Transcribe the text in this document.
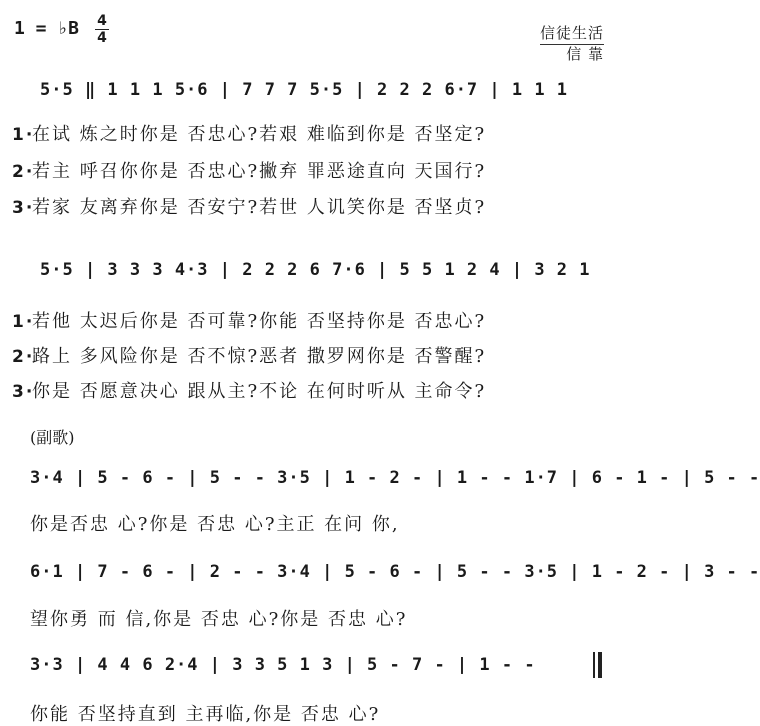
1 = ♭B 4
4	信徒生活
信 靠
5·5 ‖ 1 1 1 5·6 | 7 7 7 5·5 | 2 2 2 6·7 | 1 1 1
1·在试 炼之时你是 否忠心?若艰 难临到你是 否坚定?
2·若主 呼召你你是 否忠心?撇弃 罪恶途直向 天国行?
3·若家 友离弃你是 否安宁?若世 人讥笑你是 否坚贞?
5·5 | 3 3 3 4·3 | 2 2 2 6 7·6 | 5 5 1 2 4 | 3 2 1
1·若他 太迟后你是 否可靠?你能 否坚持你是 否忠心?
2·路上 多风险你是 否不惊?恶者 撒罗网你是 否警醒?
3·你是 否愿意决心 跟从主?不论 在何时听从 主命令?
(副歌)
3·4 | 5 - 6 - | 5 - - 3·5 | 1 - 2 - | 1 - - 1·7 | 6 - 1 - | 5 - -
你是否忠 心?你是 否忠 心?主正 在问 你,
6·1 | 7 - 6 - | 2 - - 3·4 | 5 - 6 - | 5 - - 3·5 | 1 - 2 - | 3 - -
望你勇 而 信,你是 否忠 心?你是 否忠 心?
3·3 | 4 4 6 2·4 | 3 3 5 1 3 | 5 - 7 - | 1 - -
你能 否坚持直到 主再临,你是 否忠 心?
